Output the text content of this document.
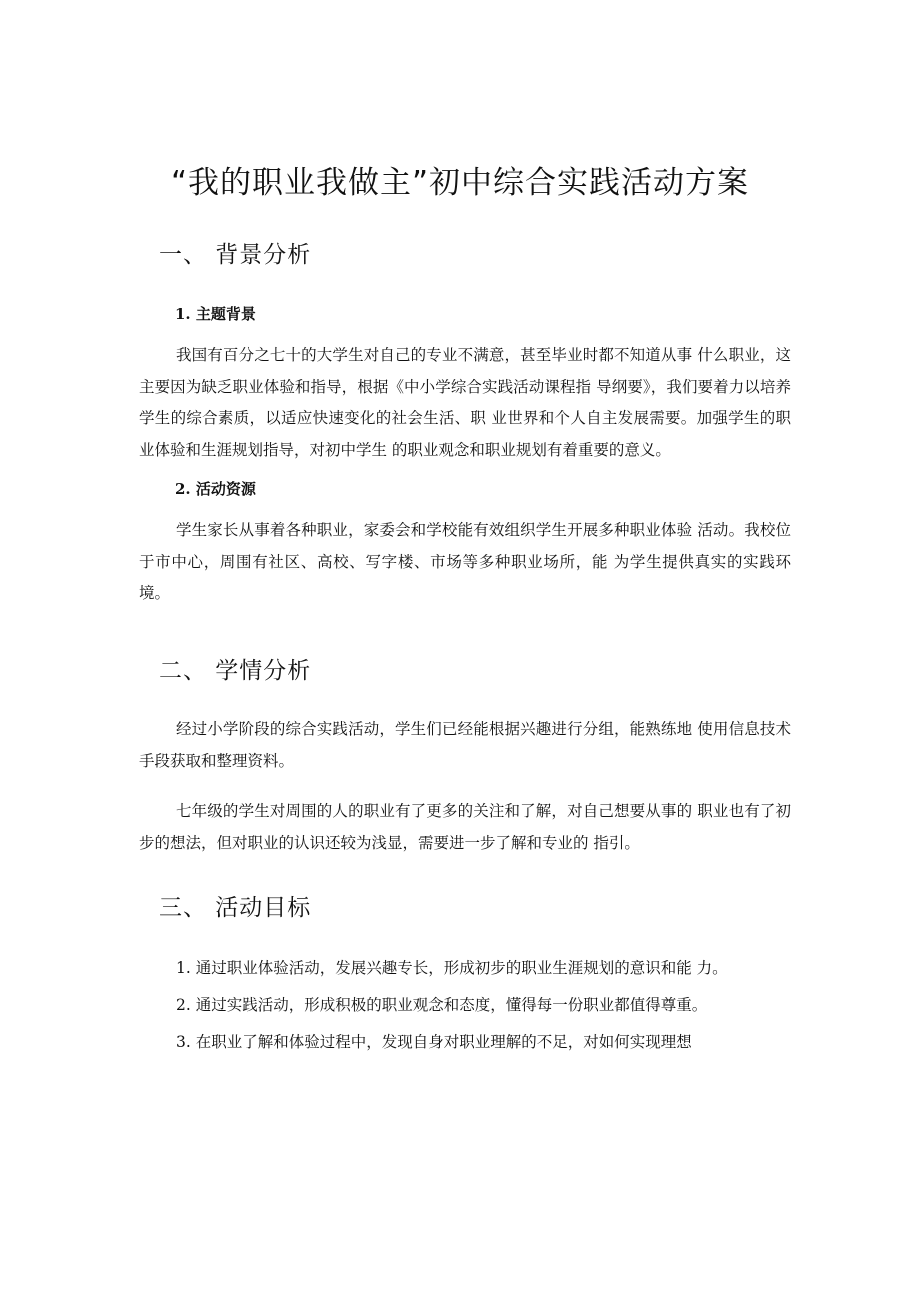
“我的职业我做主”初中综合实践活动方案
一、 背景分析
1. 主题背景

我国有百分之七十的大学生对自己的专业不满意，甚至毕业时都不知道从事 什么职业，这主要因为缺乏职业体验和指导，根据《中小学综合实践活动课程指 导纲要》，我们要着力以培养学生的综合素质，以适应快速变化的社会生活、职 业世界和个人自主发展需要。加强学生的职业体验和生涯规划指导，对初中学生 的职业观念和职业规划有着重要的意义。

2. 活动资源

学生家长从事着各种职业，家委会和学校能有效组织学生开展多种职业体验 活动。我校位于市中心，周围有社区、高校、写字楼、市场等多种职业场所，能 为学生提供真实的实践环境。

二、 学情分析

经过小学阶段的综合实践活动，学生们已经能根据兴趣进行分组，能熟练地 使用信息技术手段获取和整理资料。

七年级的学生对周围的人的职业有了更多的关注和了解，对自己想要从事的 职业也有了初步的想法，但对职业的认识还较为浅显，需要进一步了解和专业的 指引。

三、 活动目标

1. 通过职业体验活动，发展兴趣专长，形成初步的职业生涯规划的意识和能 力。

2. 通过实践活动，形成积极的职业观念和态度，懂得每一份职业都值得尊重。

3. 在职业了解和体验过程中，发现自身对职业理解的不足，对如何实现理想
